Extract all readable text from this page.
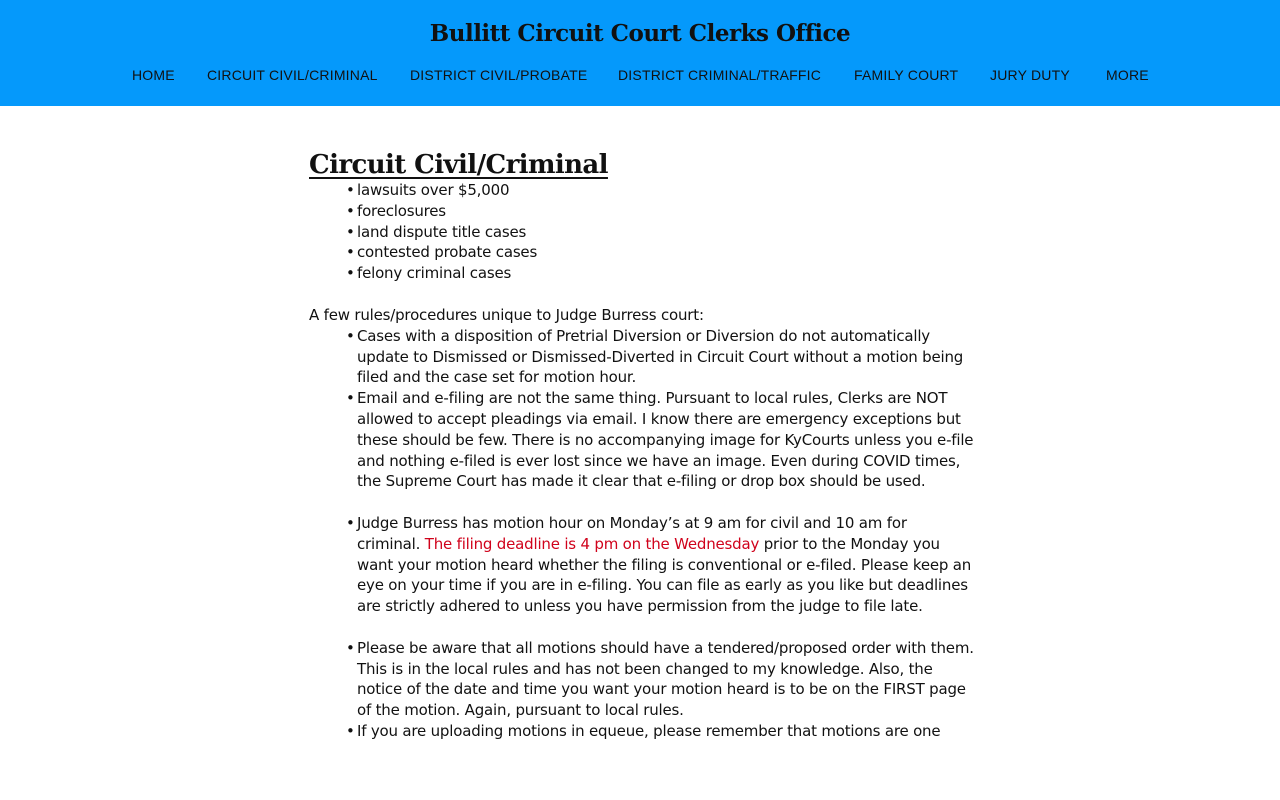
Bullitt Circuit Court Clerks Office
HOME CIRCUIT CIVIL/CRIMINAL DISTRICT CIVIL/PROBATE DISTRICT CRIMINAL/TRAFFIC FAMILY COURT JURY DUTY	MORE
Circuit Civil/Criminal
• lawsuits over $5,000
• foreclosures
• land dispute title cases
• contested probate cases
• felony criminal cases
A few rules/procedures unique to Judge Burress court:
• Cases with a disposition of Pretrial Diversion or Diversion do not automatically update to Dismissed or Dismissed-Diverted in Circuit Court without a motion being filed and the case set for motion hour.
• Email and e-filing are not the same thing. Pursuant to local rules, Clerks are NOT allowed to accept pleadings via email. I know there are emergency exceptions but these should be few. There is no accompanying image for KyCourts unless you e-file and nothing e-filed is ever lost since we have an image. Even during COVID times, the Supreme Court has made it clear that e-filing or drop box should be used.
• Judge Burress has motion hour on Monday’s at 9 am for civil and 10 am for criminal. The filing deadline is 4 pm on the Wednesday prior to the Monday you want your motion heard whether the filing is conventional or e-filed. Please keep an eye on your time if you are in e-filing. You can file as early as you like but deadlines are strictly adhered to unless you have permission from the judge to file late.
• Please be aware that all motions should have a tendered/proposed order with them. This is in the local rules and has not been changed to my knowledge. Also, the notice of the date and time you want your motion heard is to be on the FIRST page of the motion. Again, pursuant to local rules.
• If you are uploading motions in equeue, please remember that motions are one
